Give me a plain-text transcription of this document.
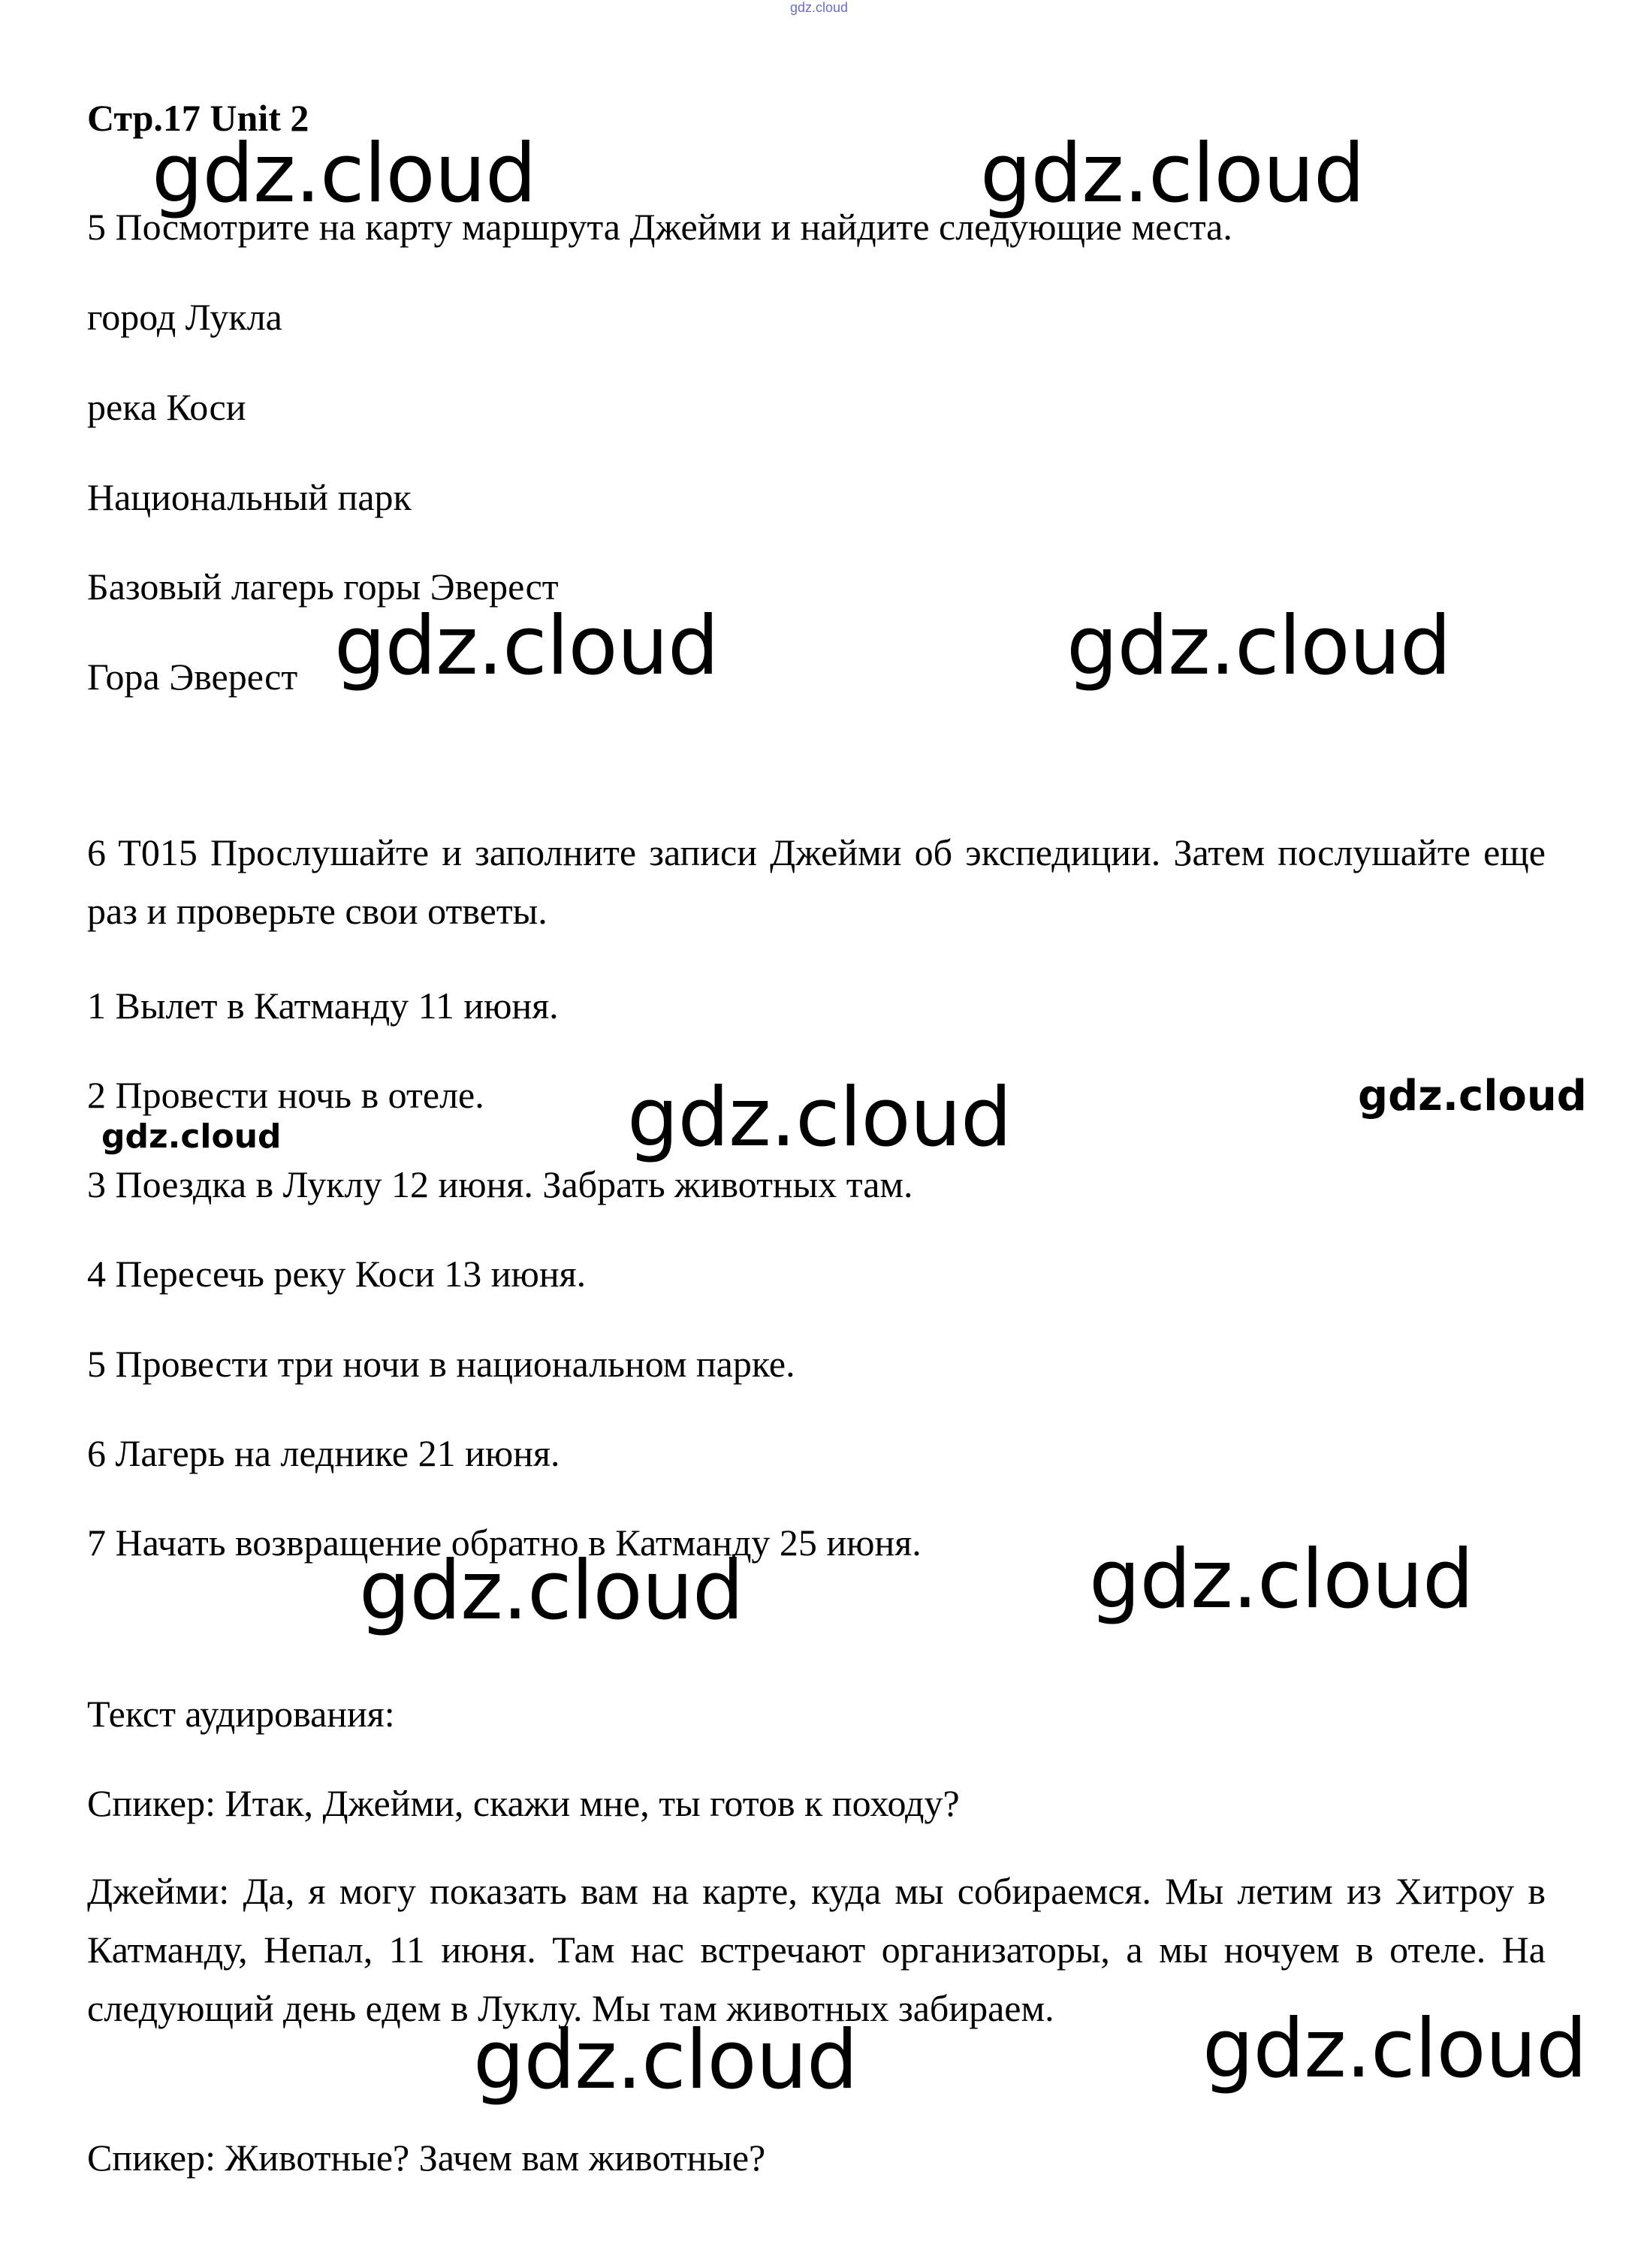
gdz.cloud
Стр.17 Unit 2
5 Посмотрите на карту маршрута Джейми и найдите следующие места.
город Лукла
река Коси
Национальный парк
Базовый лагерь горы Эверест
Гора Эверест
6 T015 Прослушайте и заполните записи Джейми об экспедиции. Затем послушайте еще раз и проверьте свои ответы.
1 Вылет в Катманду 11 июня.
2 Провести ночь в отеле.
3 Поездка в Луклу 12 июня. Забрать животных там.
4 Пересечь реку Коси 13 июня.
5 Провести три ночи в национальном парке.
6 Лагерь на леднике 21 июня.
7 Начать возвращение обратно в Катманду 25 июня.
Текст аудирования:
Спикер: Итак, Джейми, скажи мне, ты готов к походу?
Джейми: Да, я могу показать вам на карте, куда мы собираемся. Мы летим из Хитроу в Катманду, Непал, 11 июня. Там нас встречают организаторы, а мы ночуем в отеле. На следующий день едем в Луклу. Мы там животных забираем.
Спикер: Животные? Зачем вам животные?
gdz.cloud	gdz.cloud
gdz.cloud	gdz.cloud
gdz.cloud	gdz.cloud
gdz.cloud
gdz.cloud	gdz.cloud
gdz.cloud	gdz.cloud
